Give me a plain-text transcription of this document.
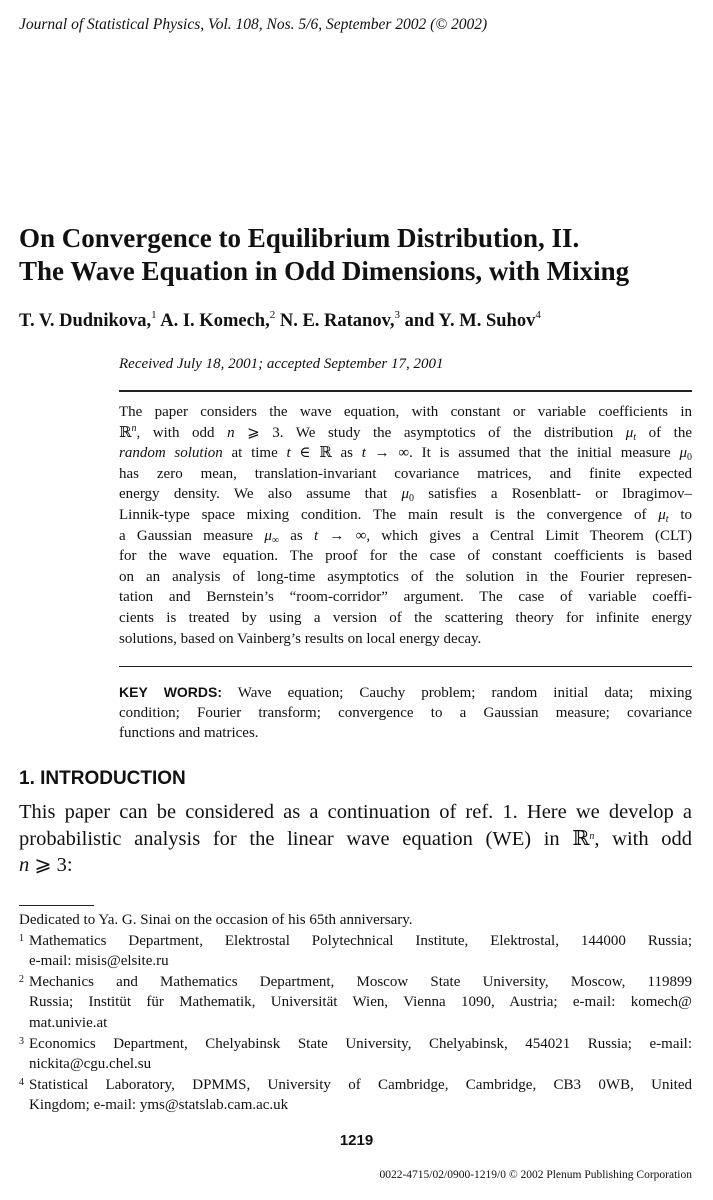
Journal of Statistical Physics, Vol. 108, Nos. 5/6, September 2002 (© 2002)
On Convergence to Equilibrium Distribution, II.
The Wave Equation in Odd Dimensions, with Mixing
T. V. Dudnikova,$^1$ A. I. Komech,$^2$ N. E. Ratanov,$^3$ and Y. M. Suhov$^4$
Received July 18, 2001; accepted September 17, 2001
The paper considers the wave equation, with constant or variable coefficients in
ℝ$^n$, with odd n ⩾ 3. We study the asymptotics of the distribution $\mu_t$ of the
random solution at time t ∈ ℝ as t → ∞. It is assumed that the initial measure $\mu_0$
has zero mean, translation-invariant covariance matrices, and finite expected
energy density. We also assume that $\mu_0$ satisfies a Rosenblatt- or Ibragimov–
Linnik-type space mixing condition. The main result is the convergence of $\mu_t$ to
a Gaussian measure $\mu_\infty$ as t → ∞, which gives a Central Limit Theorem (CLT)
for the wave equation. The proof for the case of constant coefficients is based
on an analysis of long-time asymptotics of the solution in the Fourier represen-
tation and Bernstein’s “room-corridor” argument. The case of variable coeffi-
cients is treated by using a version of the scattering theory for infinite energy
solutions, based on Vainberg’s results on local energy decay.
KEY WORDS: Wave equation; Cauchy problem; random initial data; mixing
condition; Fourier transform; convergence to a Gaussian measure; covariance
functions and matrices.
1. INTRODUCTION
This paper can be considered as a continuation of ref. 1. Here we develop a
probabilistic analysis for the linear wave equation (WE) in ℝ$^n$, with odd
n ⩾ 3:
Dedicated to Ya. G. Sinai on the occasion of his 65th anniversary.
1 Mathematics Department, Elektrostal Polytechnical Institute, Elektrostal, 144000 Russia;
e-mail: misis@elsite.ru
2 Mechanics and Mathematics Department, Moscow State University, Moscow, 119899
Russia; Institüt für Mathematik, Universität Wien, Vienna 1090, Austria; e-mail: komech@
mat.univie.at
3 Economics Department, Chelyabinsk State University, Chelyabinsk, 454021 Russia; e-mail:
nickita@cgu.chel.su
4 Statistical Laboratory, DPMMS, University of Cambridge, Cambridge, CB3 0WB, United
Kingdom; e-mail: yms@statslab.cam.ac.uk
1219
0022-4715/02/0900-1219/0 © 2002 Plenum Publishing Corporation
